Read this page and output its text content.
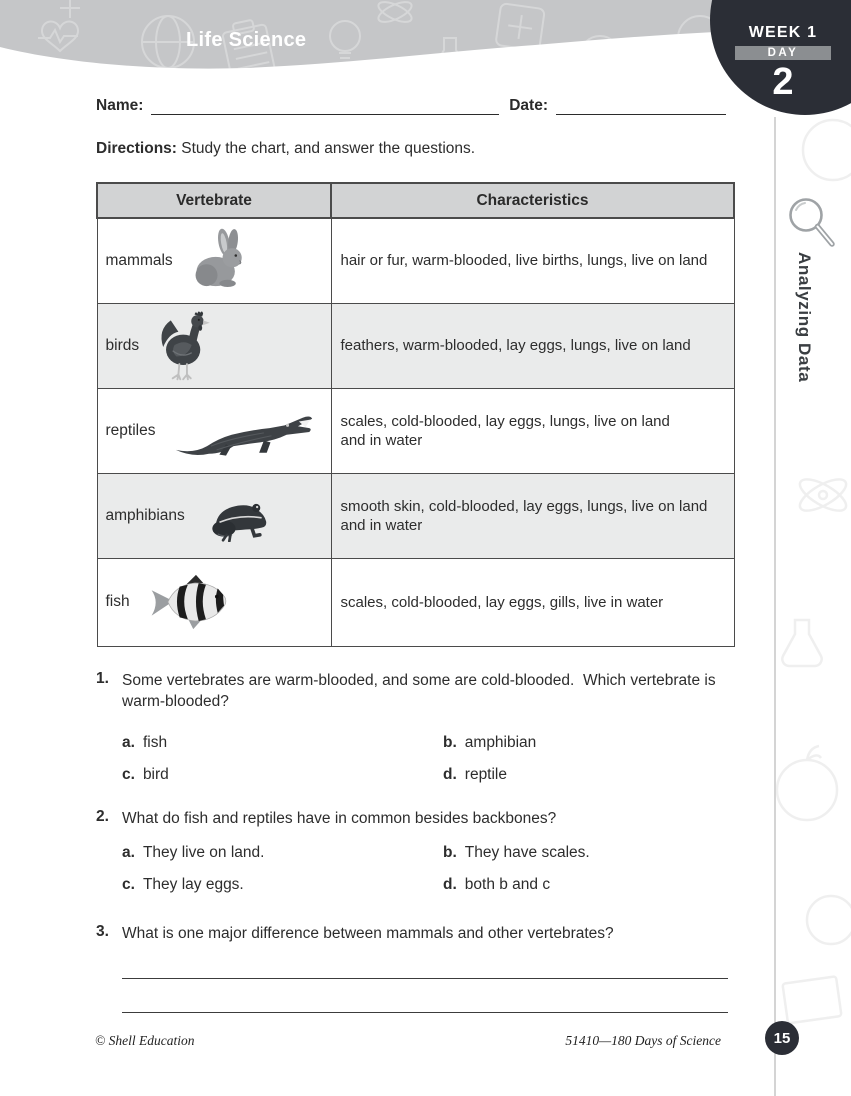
Life Science	WEEK 1
DAY
2
Analyzing Data
Name:	Date:
Directions: Study the chart, and answer the questions.
Vertebrate	Characteristics

mammals	hair or fur, warm-blooded, live births, lungs, live on land

birds	feathers, warm-blooded, lay eggs, lungs, live on land

reptiles	scales, cold-blooded, lay eggs, lungs, live on land
and in water

amphibians	smooth skin, cold-blooded, lay eggs, lungs, live on land
and in water

fish	scales, cold-blooded, lay eggs, gills, live in water
1. Some vertebrates are warm-blooded, and some are cold-blooded.  Which vertebrate is
warm-blooded?
a. fish	b. amphibian
c. bird	d. reptile
2. What do fish and reptiles have in common besides backbones?
a. They live on land.	b. They have scales.
c. They lay eggs.	d. both b and c
3. What is one major difference between mammals and other vertebrates?
© Shell Education	51410—180 Days of Science	15
